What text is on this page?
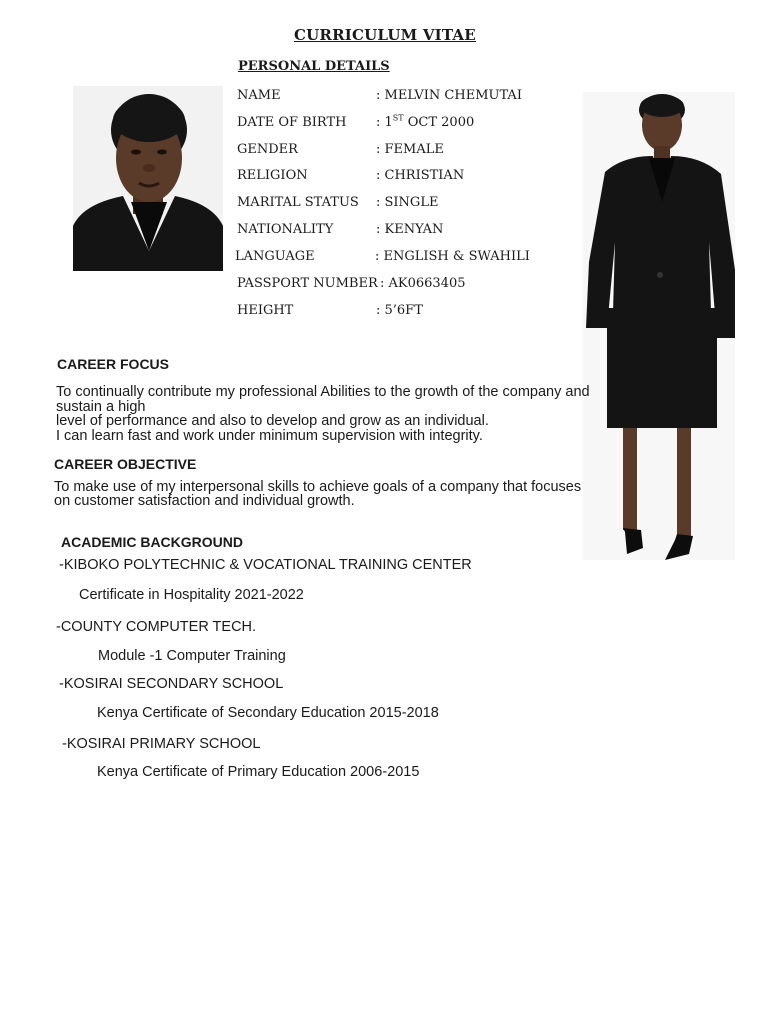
CURRICULUM VITAE
PERSONAL DETAILS
NAME	: MELVIN CHEMUTAI
DATE OF BIRTH : 1ST OCT 2000
GENDER	: FEMALE
RELIGION	: CHRISTIAN
MARITAL STATUS : SINGLE
NATIONALITY	: KENYAN
LANGUAGE	: ENGLISH & SWAHILI
PASSPORT NUMBER : AK0663405
HEIGHT	: 5’6FT
CAREER FOCUS
To continually contribute my professional Abilities to the growth of the company and
sustain a high
level of performance and also to develop and grow as an individual.
I can learn fast and work under minimum supervision with integrity.
CAREER OBJECTIVE
To make use of my interpersonal skills to achieve goals of a company that focuses
on customer satisfaction and individual growth.
ACADEMIC BACKGROUND
-KIBOKO POLYTECHNIC & VOCATIONAL TRAINING CENTER
Certificate in Hospitality 2021-2022
-COUNTY COMPUTER TECH.
Module -1 Computer Training
-KOSIRAI SECONDARY SCHOOL
Kenya Certificate of Secondary Education 2015-2018
-KOSIRAI PRIMARY SCHOOL
Kenya Certificate of Primary Education 2006-2015
